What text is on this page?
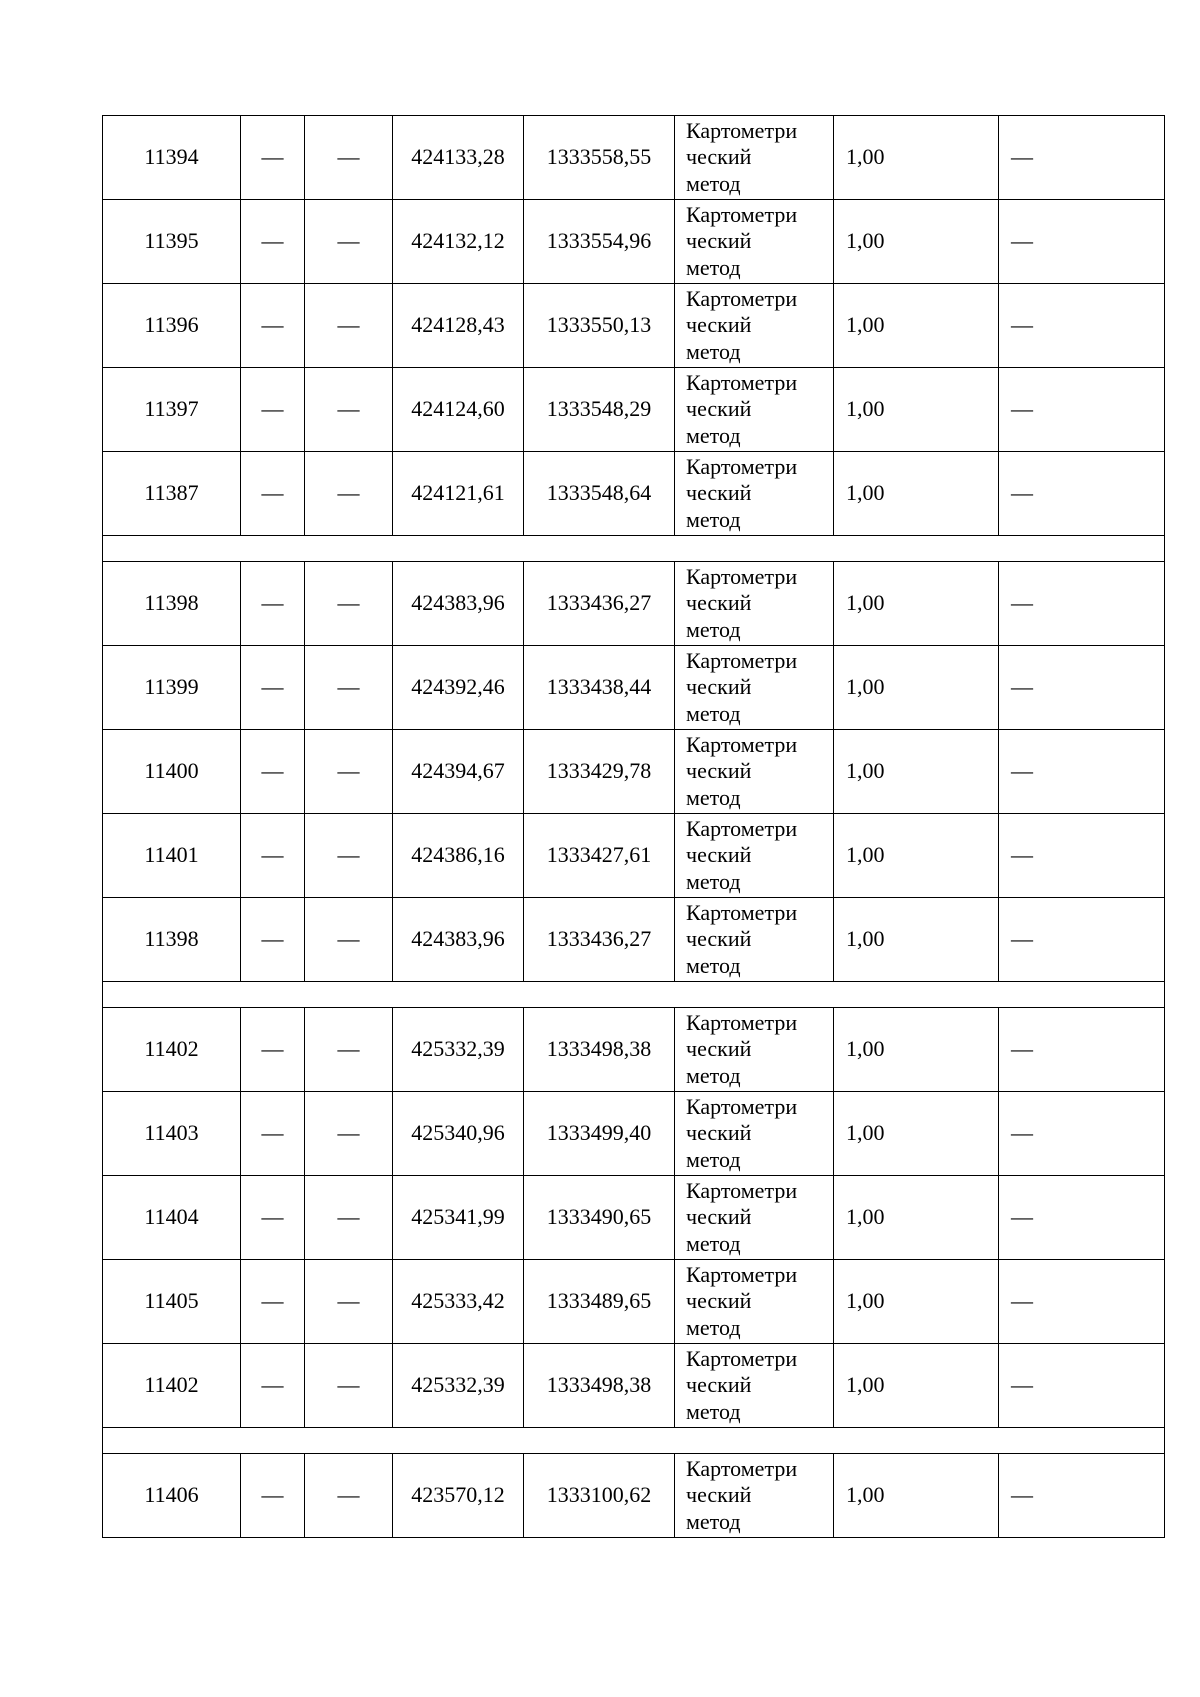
11394	—	—	424133,28	1333558,55	Картометри
ческий
метод	1,00	—
11395	—	—	424132,12	1333554,96	Картометри
ческий
метод	1,00	—
11396	—	—	424128,43	1333550,13	Картометри
ческий
метод	1,00	—
11397	—	—	424124,60	1333548,29	Картометри
ческий
метод	1,00	—
11387	—	—	424121,61	1333548,64	Картометри
ческий
метод	1,00	—

11398	—	—	424383,96	1333436,27	Картометри
ческий
метод	1,00	—
11399	—	—	424392,46	1333438,44	Картометри
ческий
метод	1,00	—
11400	—	—	424394,67	1333429,78	Картометри
ческий
метод	1,00	—
11401	—	—	424386,16	1333427,61	Картометри
ческий
метод	1,00	—
11398	—	—	424383,96	1333436,27	Картометри
ческий
метод	1,00	—

11402	—	—	425332,39	1333498,38	Картометри
ческий
метод	1,00	—
11403	—	—	425340,96	1333499,40	Картометри
ческий
метод	1,00	—
11404	—	—	425341,99	1333490,65	Картометри
ческий
метод	1,00	—
11405	—	—	425333,42	1333489,65	Картометри
ческий
метод	1,00	—
11402	—	—	425332,39	1333498,38	Картометри
ческий
метод	1,00	—

11406	—	—	423570,12	1333100,62	Картометри
ческий
метод	1,00	—
